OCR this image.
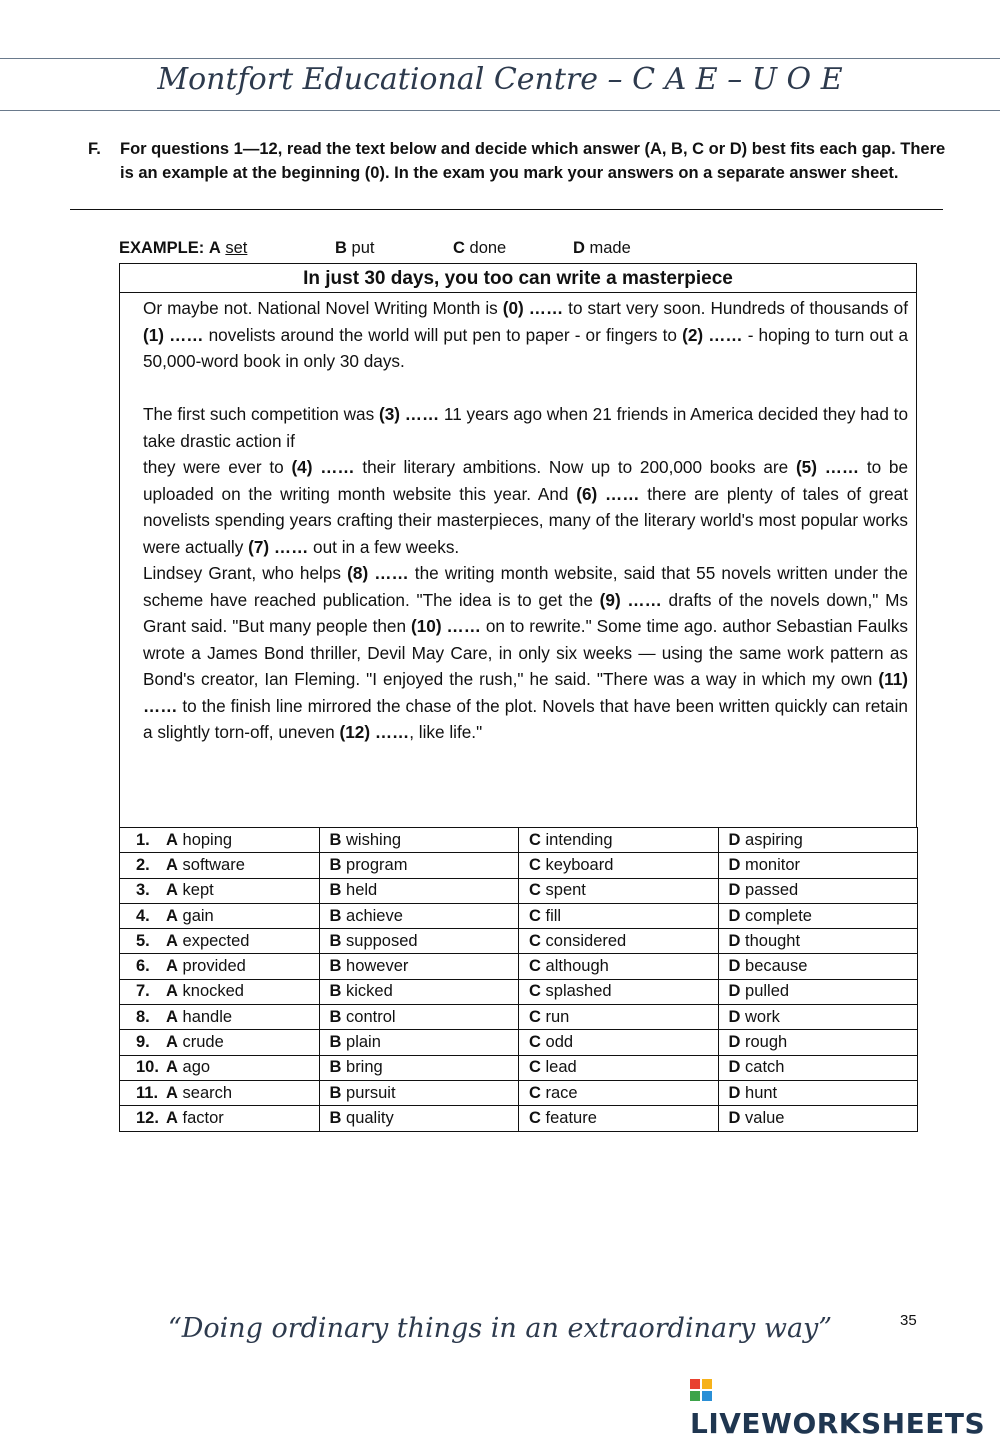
Montfort Educational Centre – C A E – U O E
F. For questions 1—12, read the text below and decide which answer (A, B, C or D) best fits each gap. There is an example at the beginning (0). In the exam you mark your answers on a separate answer sheet.
EXAMPLE: A set	B put	C done	D made
In just 30 days, you too can write a masterpiece

Or maybe not. National Novel Writing Month is (0) …… to start very soon. Hundreds of thousands of (1) …… novelists around the world will put pen to paper - or fingers to (2) …… - hoping to turn out a 50,000-word book in only 30 days.

The first such competition was (3) …… 11 years ago when 21 friends in America decided they had to take drastic action if

they were ever to (4) …… their literary ambitions. Now up to 200,000 books are (5) …… to be uploaded on the writing month website this year. And (6) …… there are plenty of tales of great novelists spending years crafting their masterpieces, many of the literary world's most popular works were actually (7) …… out in a few weeks.

Lindsey Grant, who helps (8) …… the writing month website, said that 55 novels written under the scheme have reached publication. "The idea is to get the (9) …… drafts of the novels down," Ms Grant said. "But many people then (10) …… on to rewrite." Some time ago. author Sebastian Faulks wrote a James Bond thriller, Devil May Care, in only six weeks — using the same work pattern as Bond's creator, Ian Fleming. "I enjoyed the rush," he said. "There was a way in which my own (11) …… to the finish line mirrored the chase of the plot. Novels that have been written quickly can retain a slightly torn-off, uneven (12) ……, like life."

1. A hoping	B wishing	C intending	D aspiring
2. A software	B program	C keyboard	D monitor
3. A kept	B held	C spent	D passed
4. A gain	B achieve	C fill	D complete
5. A expected	B supposed	C considered	D thought
6. A provided	B however	C although	D because
7. A knocked	B kicked	C splashed	D pulled
8. A handle	B control	C run	D work
9. A crude	B plain	C odd	D rough
10. A ago	B bring	C lead	D catch
11. A search	B pursuit	C race	D hunt
12. A factor	B quality	C feature	D value
35
“Doing ordinary things in an extraordinary way”
LIVEWORKSHEETS
